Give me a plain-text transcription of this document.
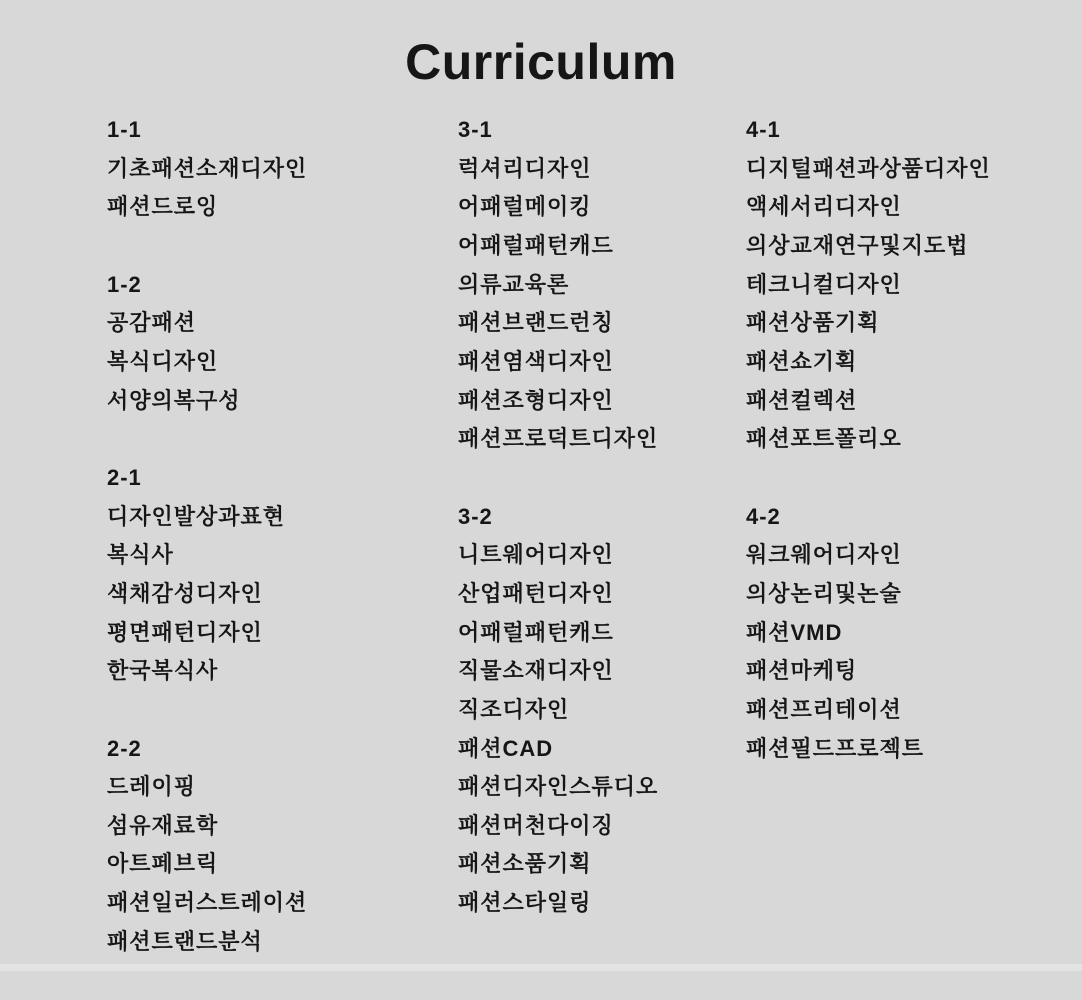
Curriculum
1-1
기초패션소재디자인
패션드로잉
1-2
공감패션
복식디자인
서양의복구성
2-1
디자인발상과표현
복식사
색채감성디자인
평면패턴디자인
한국복식사
2-2
드레이핑
섬유재료학
아트페브릭
패션일러스트레이션
패션트랜드분석
3-1
럭셔리디자인
어패럴메이킹
어패럴패턴캐드
의류교육론
패션브랜드런칭
패션염색디자인
패션조형디자인
패션프로덕트디자인
3-2
니트웨어디자인
산업패턴디자인
어패럴패턴캐드
직물소재디자인
직조디자인
패션CAD
패션디자인스튜디오
패션머천다이징
패션소품기획
패션스타일링
4-1
디지털패션과상품디자인
액세서리디자인
의상교재연구및지도법
테크니컬디자인
패션상품기획
패션쇼기획
패션컬렉션
패션포트폴리오
4-2
워크웨어디자인
의상논리및논술
패션VMD
패션마케팅
패션프리테이션
패션필드프로젝트
